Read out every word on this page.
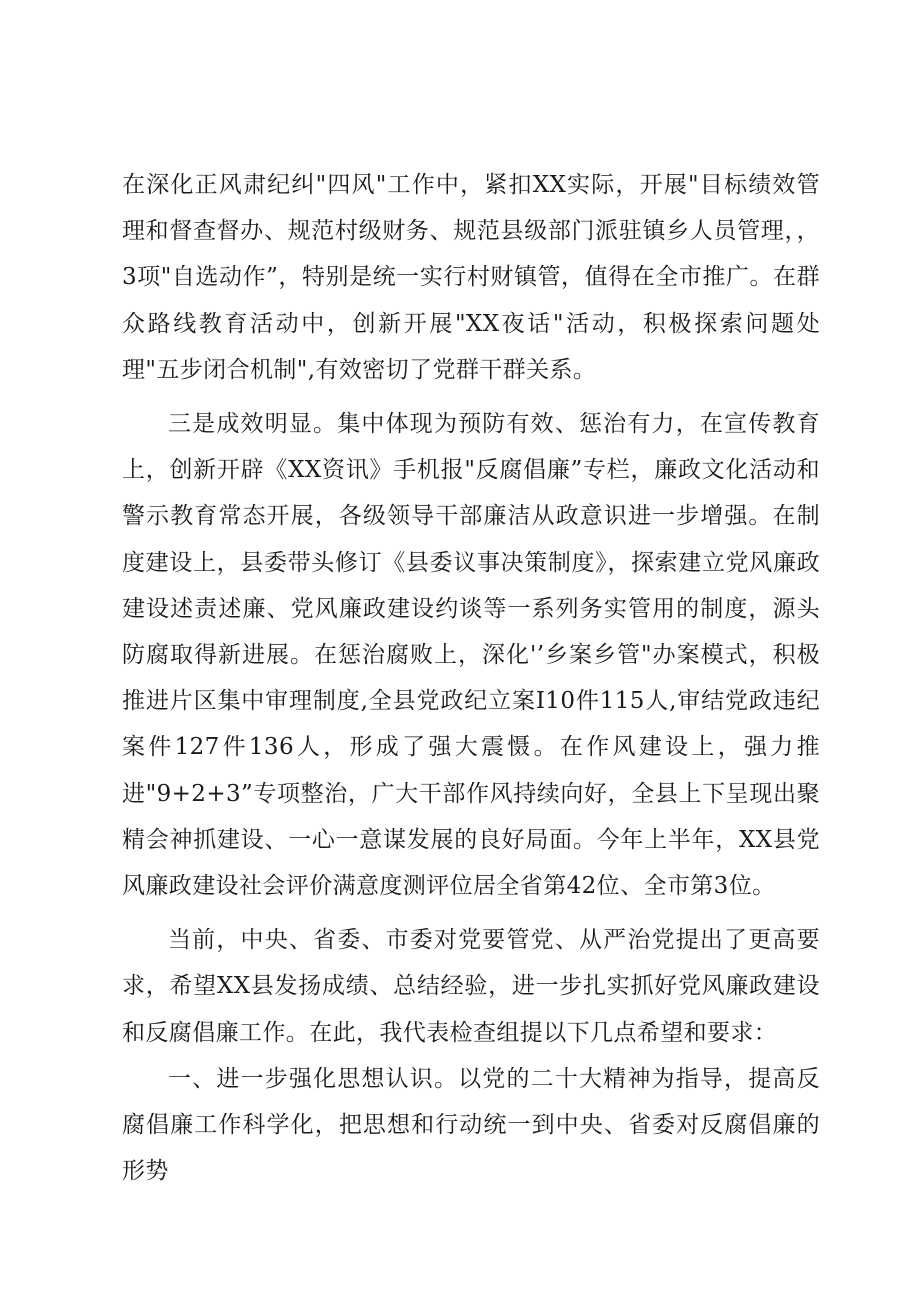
在深化正风肃纪纠"四风"工作中，紧扣XX实际，开展"目标绩效管理和督查督办、规范村级财务、规范县级部门派驻镇乡人员管理，，3项"自选动作”，特别是统一实行村财镇管，值得在全市推广。在群众路线教育活动中，创新开展"XX夜话"活动，积极探索问题处理"五步闭合机制",有效密切了党群干群关系。

三是成效明显。集中体现为预防有效、惩治有力，在宣传教育上，创新开辟《XX资讯》手机报"反腐倡廉”专栏，廉政文化活动和警示教育常态开展，各级领导干部廉洁从政意识进一步增强。在制度建设上，县委带头修订《县委议事决策制度》，探索建立党风廉政建设述责述廉、党风廉政建设约谈等一系列务实管用的制度，源头防腐取得新进展。在惩治腐败上，深化'’乡案乡管"办案模式，积极推进片区集中审理制度,全县党政纪立案I10件115人,审结党政违纪案件127件136人，形成了强大震慑。在作风建设上，强力推进"9+2+3”专项整治，广大干部作风持续向好，全县上下呈现出聚精会神抓建设、一心一意谋发展的良好局面。今年上半年，XX县党风廉政建设社会评价满意度测评位居全省第42位、全市第3位。

当前，中央、省委、市委对党要管党、从严治党提出了更高要求，希望XX县发扬成绩、总结经验，进一步扎实抓好党风廉政建设和反腐倡廉工作。在此，我代表检查组提以下几点希望和要求：

一、进一步强化思想认识。以党的二十大精神为指导，提高反腐倡廉工作科学化，把思想和行动统一到中央、省委对反腐倡廉的形势
